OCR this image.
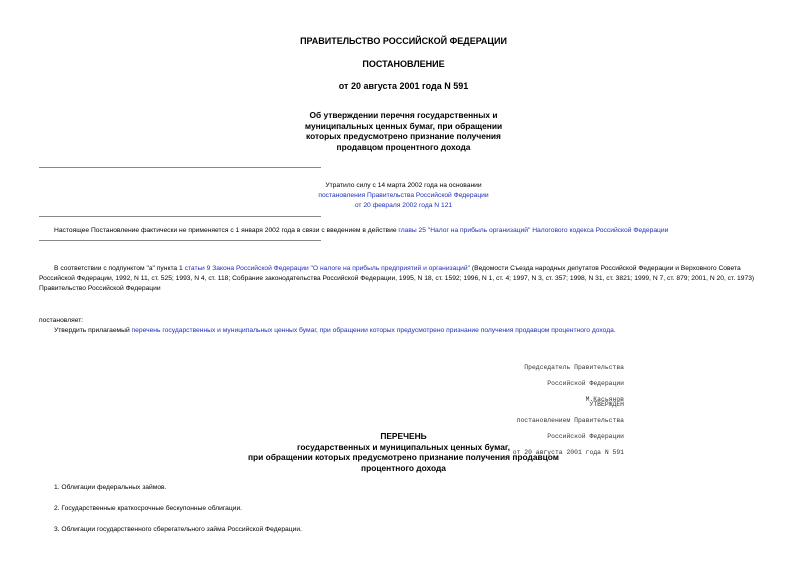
ПРАВИТЕЛЬСТВО РОССИЙСКОЙ ФЕДЕРАЦИИ
ПОСТАНОВЛЕНИЕ
от 20 августа 2001 года N 591
Об утверждении перечня государственных и
муниципальных ценных бумаг, при обращении
которых предусмотрено признание получения
продавцом процентного дохода
Утратило силу с 14 марта 2002 года на основании
постановления Правительства Российской Федерации
от 20 февраля 2002 года N 121
Настоящее Постановление фактически не применяется с 1 января 2002 года в связи с введением в действие главы 25 "Налог на прибыль организаций" Налогового кодекса Российской Федерации
В соответствии с подпунктом "а" пункта 1 статьи 9 Закона Российской Федерации "О налоге на прибыль предприятий и организаций" (Ведомости Съезда народных депутатов Российской Федерации и Верховного Совета Российской Федерации, 1992, N 11, ст. 525; 1993, N 4, ст. 118; Собрание законодательства Российской Федерации, 1995, N 18, ст. 1592; 1996, N 1, ст. 4; 1997, N 3, ст. 357; 1998, N 31, ст. 3821; 1999, N 7, ст. 879; 2001, N 20, ст. 1973) Правительство Российской Федерации
постановляет:
Утвердить прилагаемый перечень государственных и муниципальных ценных бумаг, при обращении которых предусмотрено признание получения продавцом процентного дохода.

Председатель Правительства

Российской Федерации

М.Касьянов

УТВЕРЖДЕН

постановлением Правительства

Российской Федерации

от 20 августа 2001 года N 591

ПЕРЕЧЕНЬ
государственных и муниципальных ценных бумаг,
при обращении которых предусмотрено признание получения продавцом
процентного дохода
1. Облигации федеральных займов.
2. Государственные краткосрочные бескупонные облигации.
3. Облигации государственного сберегательного займа Российской Федерации.
